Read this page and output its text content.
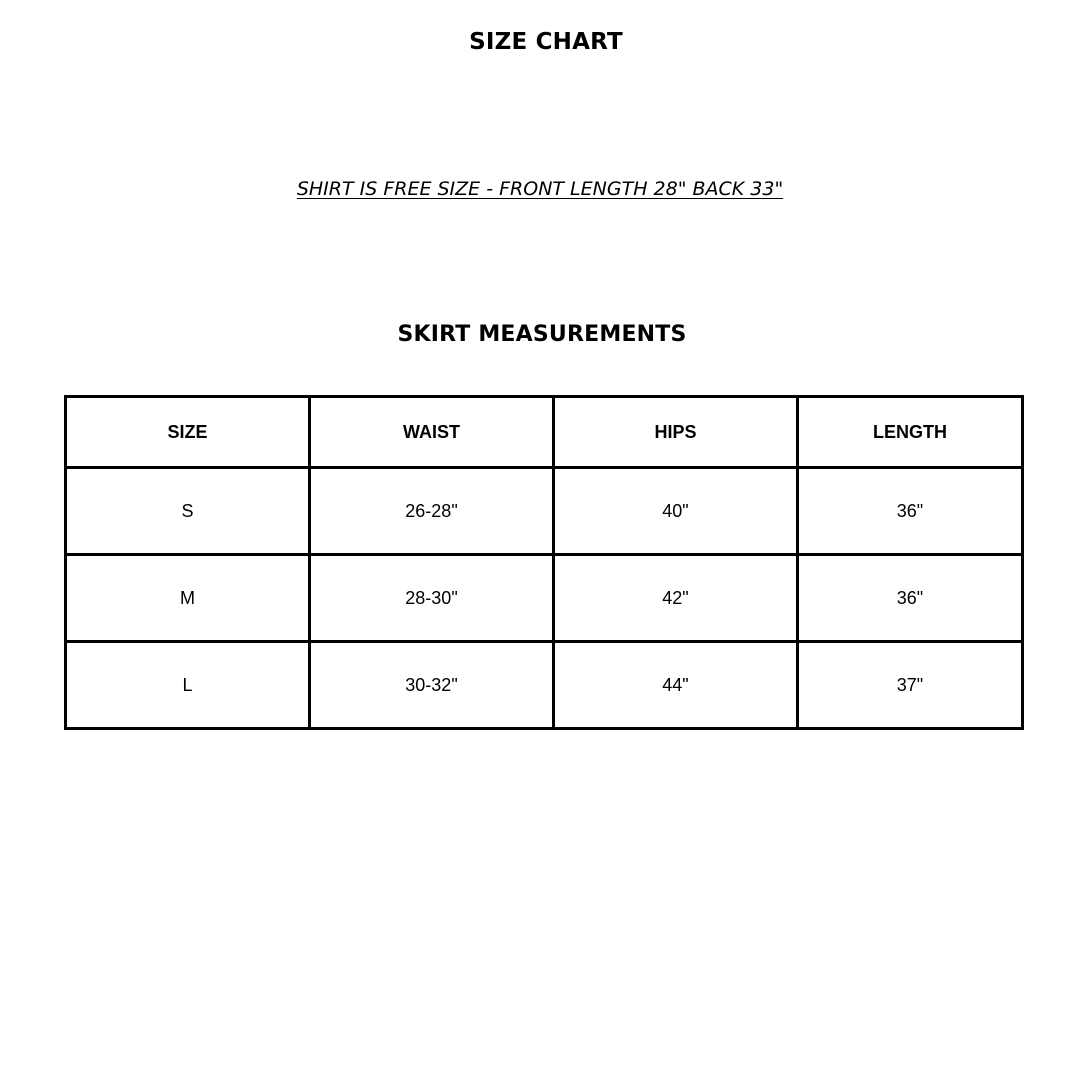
SIZE CHART
SHIRT IS FREE SIZE - FRONT LENGTH 28" BACK 33"
SKIRT MEASUREMENTS
SIZE	WAIST	HIPS	LENGTH
S	26-28"	40"	36"
M	28-30"	42"	36"
L	30-32"	44"	37"
